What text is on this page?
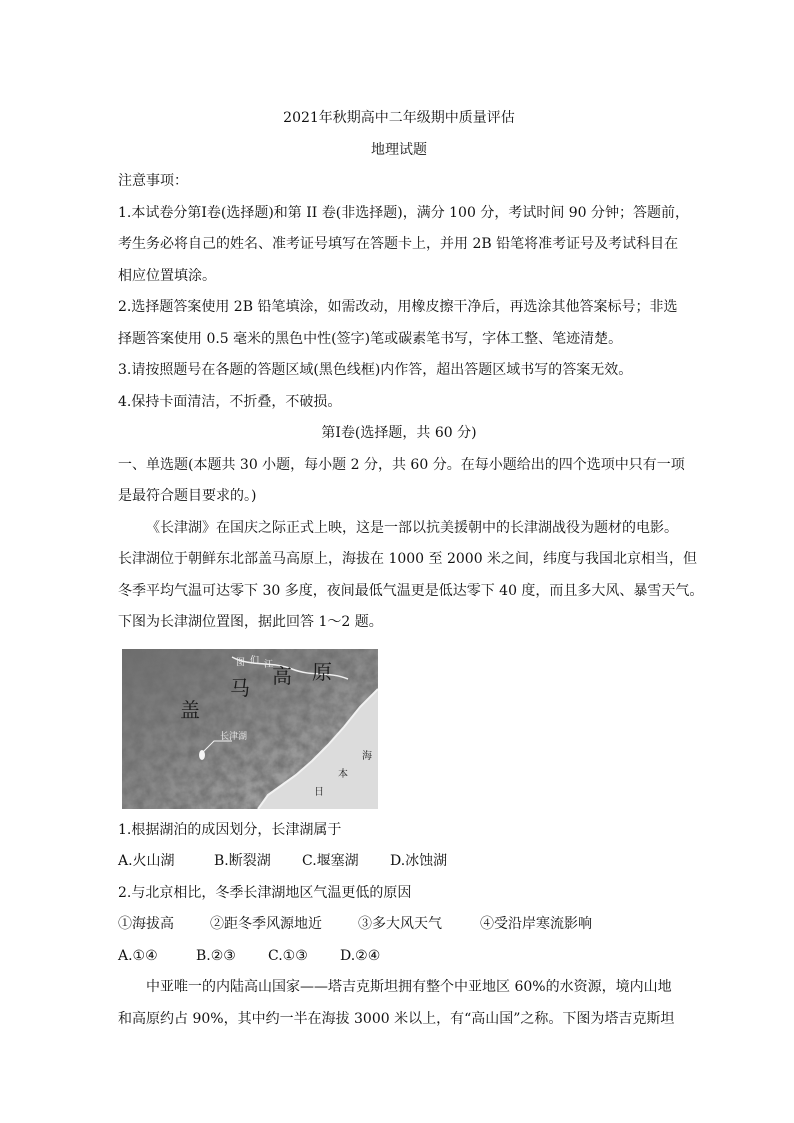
2021年秋期高中二年级期中质量评估
地理试题
注意事项：
1.本试卷分第Ⅰ卷(选择题)和第 II 卷(非选择题)，满分 100 分，考试时间 90 分钟；答题前，
考生务必将自己的姓名、准考证号填写在答题卡上，并用 2B 铅笔将准考证号及考试科目在
相应位置填涂。
2.选择题答案使用 2B 铅笔填涂，如需改动，用橡皮擦干净后，再选涂其他答案标号；非选
择题答案使用 0.5 毫米的黑色中性(签字)笔或碳素笔书写，字体工整、笔迹清楚。
3.请按照题号在各题的答题区域(黑色线框)内作答，超出答题区域书写的答案无效。
4.保持卡面清洁，不折叠，不破损。
第Ⅰ卷(选择题，共 60 分)
一、单选题(本题共 30 小题，每小题 2 分，共 60 分。在每小题给出的四个选项中只有一项
是最符合题目要求的。)
《长津湖》在国庆之际正式上映，这是一部以抗美援朝中的长津湖战役为题材的电影。
长津湖位于朝鲜东北部盖马高原上，海拔在 1000 至 2000 米之间，纬度与我国北京相当，但
冬季平均气温可达零下 30 多度，夜间最低气温更是低达零下 40 度，而且多大风、暴雪天气。
下图为长津湖位置图，据此回答 1～2 题。
图 们 江
盖
马 高 原
长津湖
海
本
日
1.根据湖泊的成因划分，长津湖属于
A.火山湖	B.断裂湖	C.堰塞湖	D.冰蚀湖
2.与北京相比，冬季长津湖地区气温更低的原因
①海拔高	②距冬季风源地近	③多大风天气	④受沿岸寒流影响
A.①④	B.②③	C.①③	D.②④
中亚唯一的内陆高山国家——塔吉克斯坦拥有整个中亚地区 60%的水资源，境内山地
和高原约占 90%，其中约一半在海拔 3000 米以上，有“高山国”之称。下图为塔吉克斯坦
